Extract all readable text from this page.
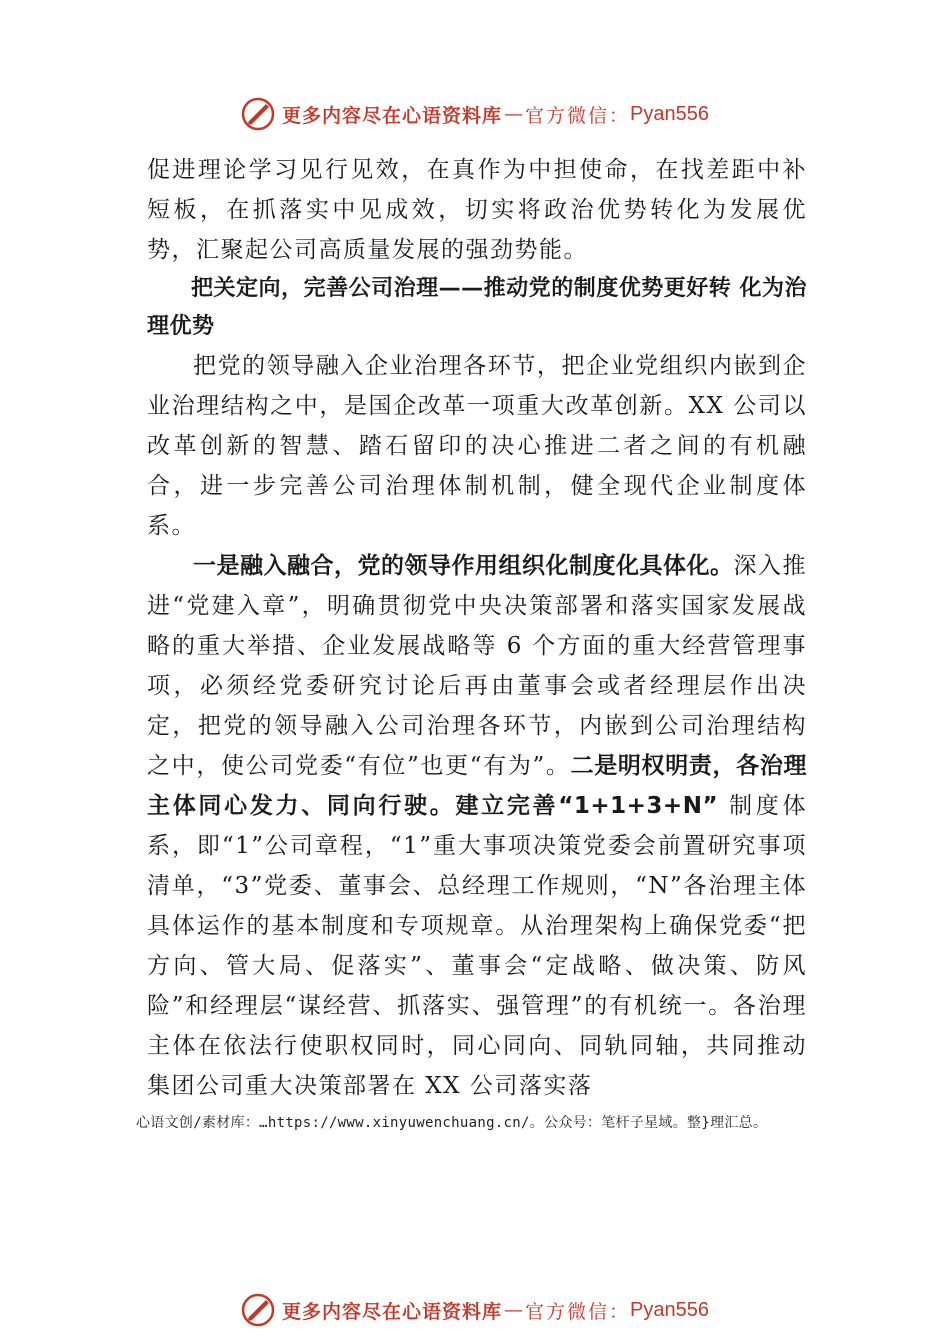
更多内容尽在心语资料库 — 官方微信： Pyan556

促进理论学习见行见效，在真作为中担使命，在找差距中补短板，在抓落实中见成效，切实将政治优势转化为发展优势，汇聚起公司高质量发展的强劲势能。

把关定向，完善公司治理——推动党的制度优势更好转 化为治理优势

把党的领导融入企业治理各环节，把企业党组织内嵌到企业治理结构之中，是国企改革一项重大改革创新。XX 公司以改革创新的智慧、踏石留印的决心推进二者之间的有机融合，进一步完善公司治理体制机制，健全现代企业制度体系。

一是融入融合，党的领导作用组织化制度化具体化。深入推进“党建入章”，明确贯彻党中央决策部署和落实国家发展战略的重大举措、企业发展战略等 6 个方面的重大经营管理事项，必须经党委研究讨论后再由董事会或者经理层作出决定，把党的领导融入公司治理各环节，内嵌到公司治理结构之中，使公司党委“有位”也更“有为”。二是明权明责，各治理主体同心发力、同向行驶。建立完善“1+1+3+N” 制度体系，即“1”公司章程，“1”重大事项决策党委会前置研究事项清单，“3”党委、董事会、总经理工作规则，“N”各治理主体具体运作的基本制度和专项规章。从治理架构上确保党委“把方向、管大局、促落实”、董事会“定战略、做决策、防风险”和经理层“谋经营、抓落实、强管理”的有机统一。各治理主体在依法行使职权同时，同心同向、同轨同轴，共同推动集团公司重大决策部署在 XX 公司落实落

心语文创/素材库：…https://www.xinyuwenchuang.cn/。公众号：笔杆子星域。整}理汇总。
更多内容尽在心语资料库 — 官方微信： Pyan556
